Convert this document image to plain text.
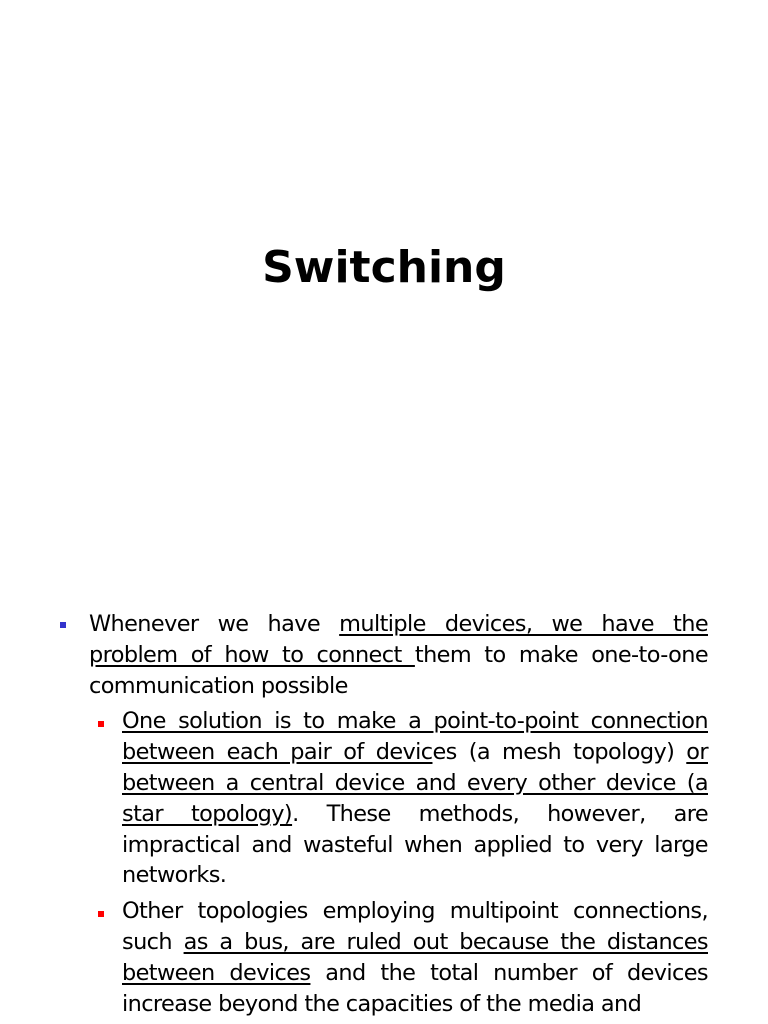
Switching

Whenever we have multiple devices, we have the problem of how to connect them to make one-to-one communication possible

One solution is to make a point-to-point connection between each pair of devices (a mesh topology) or between a central device and every other device (a star topology). These methods, however, are impractical and wasteful when applied to very large networks.

Other topologies employing multipoint connections, such as a bus, are ruled out because the distances between devices and the total number of devices increase beyond the capacities of the media and
